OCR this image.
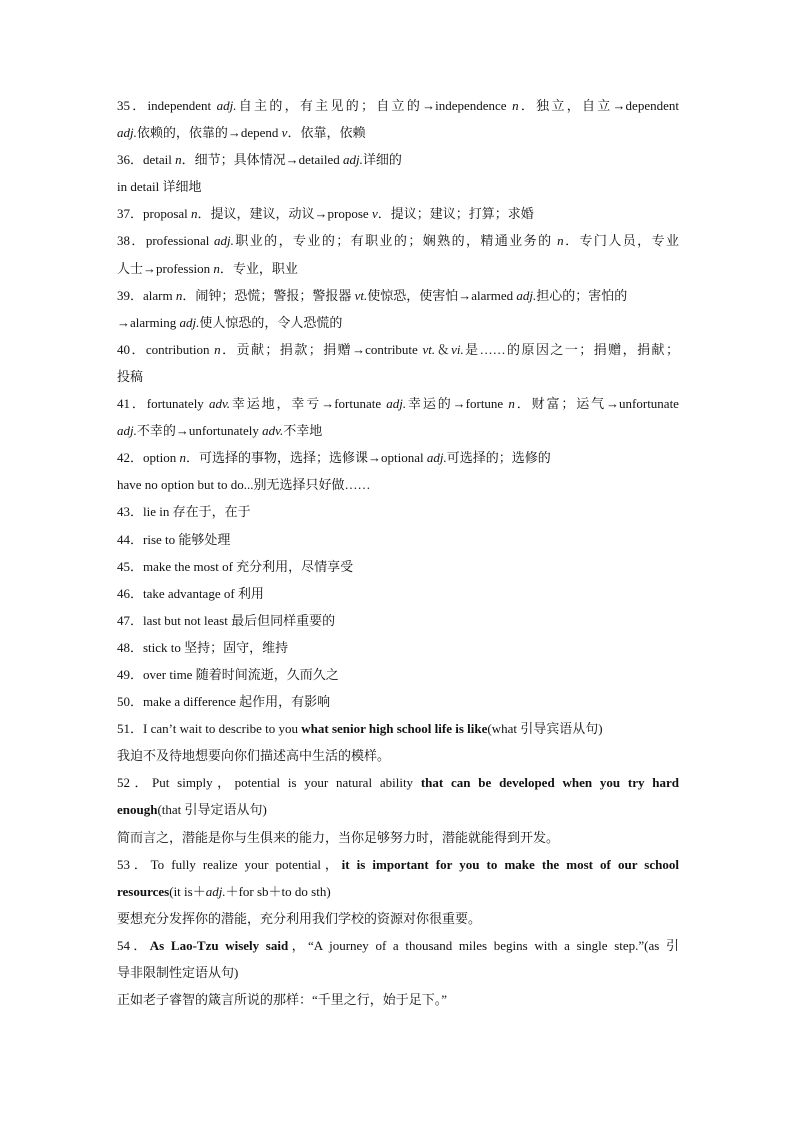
35．independent adj.自主的，有主见的；自立的→independence n．独立，自立→dependent
adj.依赖的，依靠的→depend v．依靠，依赖
36．detail n．细节；具体情况→detailed adj.详细的
in detail 详细地
37．proposal n．提议，建议，动议→propose v．提议；建议；打算；求婚
38．professional adj.职业的，专业的；有职业的；娴熟的，精通业务的 n．专门人员，专业
人士→profession n．专业，职业
39．alarm n．闹钟；恐慌；警报；警报器 vt.使惊恐，使害怕→alarmed adj.担心的；害怕的
→alarming adj.使人惊恐的，令人恐慌的
40．contribution n．贡献；捐款；捐赠→contribute vt.＆vi.是……的原因之一；捐赠，捐献；
投稿
41．fortunately adv.幸运地，幸亏→fortunate adj.幸运的→fortune n．财富；运气→unfortunate
adj.不幸的→unfortunately adv.不幸地
42．option n．可选择的事物，选择；选修课→optional adj.可选择的；选修的
have no option but to do...别无选择只好做……
43．lie in 存在于，在于
44．rise to 能够处理
45．make the most of 充分利用，尽情享受
46．take advantage of 利用
47．last but not least 最后但同样重要的
48．stick to 坚持；固守，维持
49．over time 随着时间流逝，久而久之
50．make a difference 起作用，有影响
51．I can’t wait to describe to you what senior high school life is like(what 引导宾语从句)
我迫不及待地想要向你们描述高中生活的模样。
52．Put simply，potential is your natural ability that can be developed when you try hard
enough(that 引导定语从句)
简而言之，潜能是你与生俱来的能力，当你足够努力时，潜能就能得到开发。
53．To fully realize your potential，it is important for you to make the most of our school
resources(it is＋adj.＋for sb＋to do sth)
要想充分发挥你的潜能，充分利用我们学校的资源对你很重要。
54．As Lao-Tzu wisely said，“A journey of a thousand miles begins with a single step.”(as 引
导非限制性定语从句)
正如老子睿智的箴言所说的那样：“千里之行，始于足下。”
